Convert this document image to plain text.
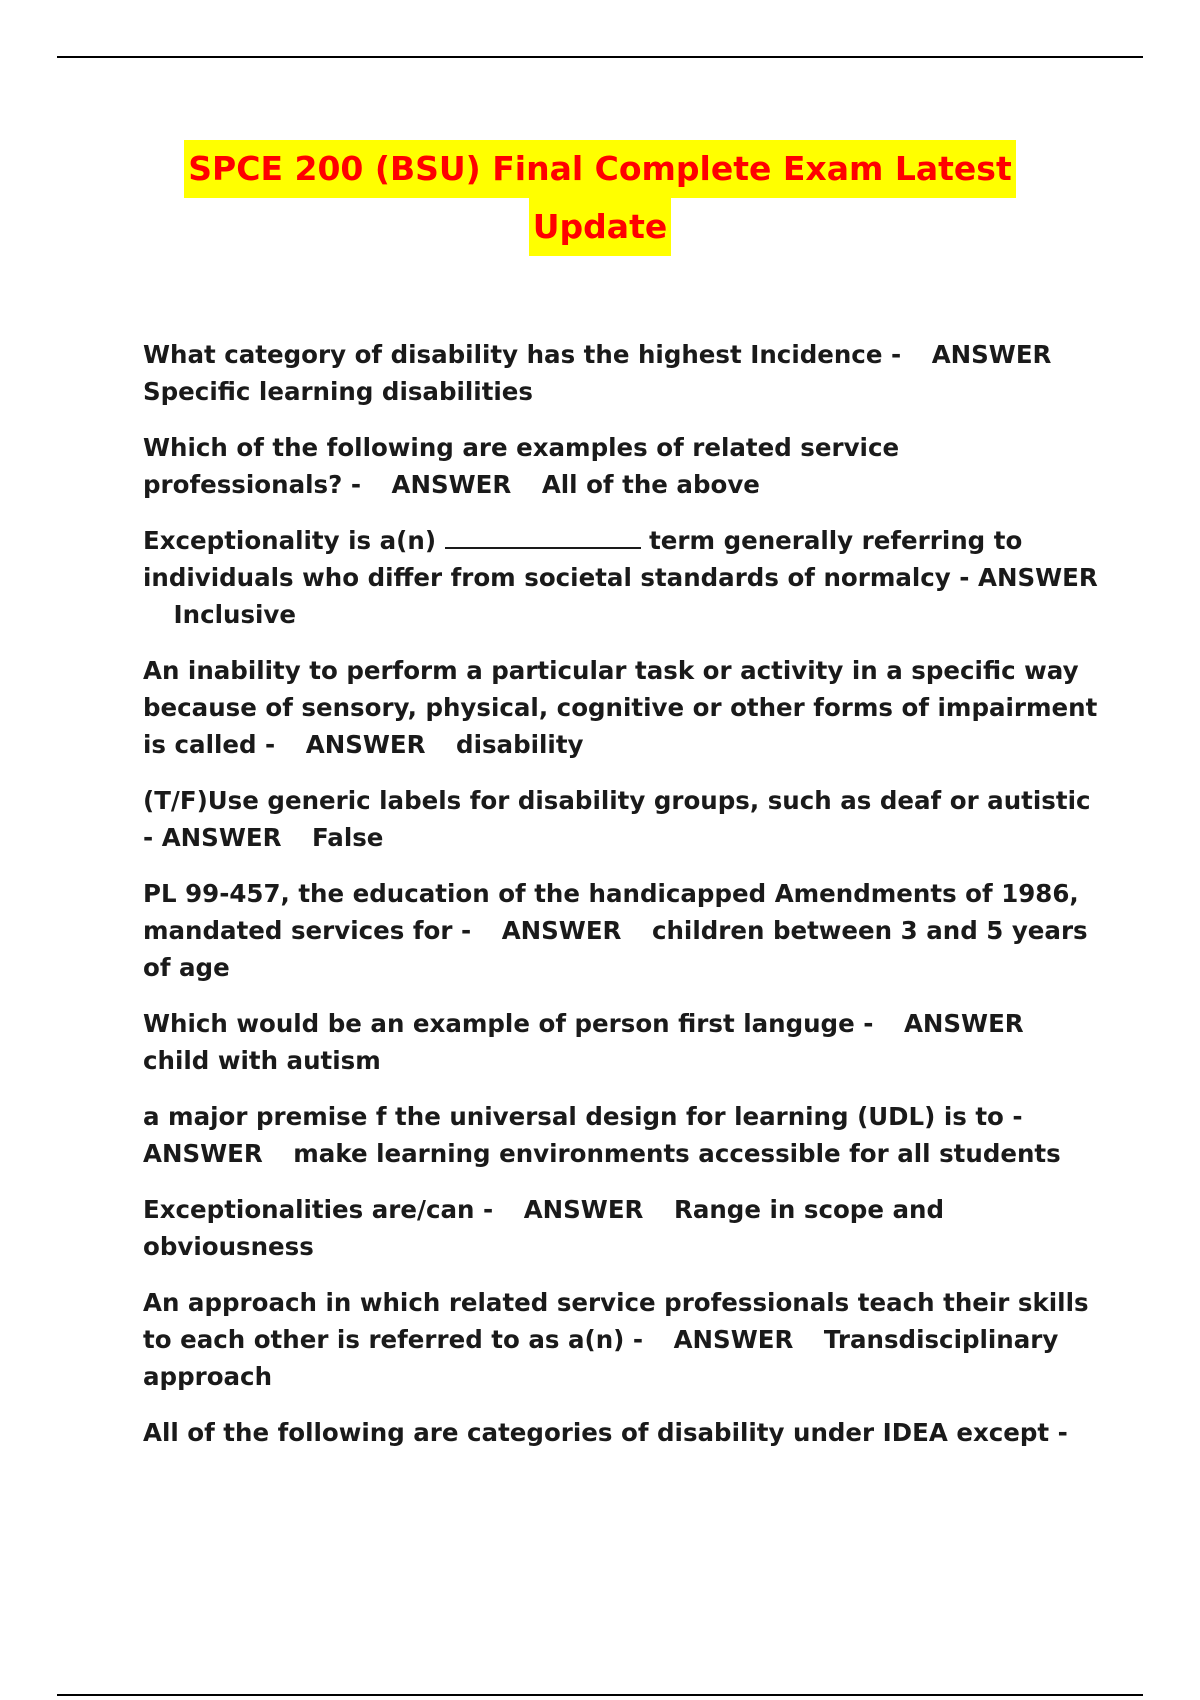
SPCE 200 (BSU) Final Complete Exam Latest
Update

What category of disability has the highest Incidence - ANSWER Specific learning disabilities

Which of the following are examples of related service professionals? - ANSWER All of the above

Exceptionality is a(n)	term generally referring to individuals who differ from societal standards of normalcy - ANSWER Inclusive

An inability to perform a particular task or activity in a specific way because of sensory, physical, cognitive or other forms of impairment is called - ANSWER disability

(T/F)Use generic labels for disability groups, such as deaf or autistic - ANSWER False

PL 99-457, the education of the handicapped Amendments of 1986, mandated services for - ANSWER children between 3 and 5 years of age

Which would be an example of person first languge - ANSWER child with autism

a major premise f the universal design for learning (UDL) is to - ANSWER make learning environments accessible for all students

Exceptionalities are/can - ANSWER Range in scope and obviousness

An approach in which related service professionals teach their skills to each other is referred to as a(n) - ANSWER Transdisciplinary approach

All of the following are categories of disability under IDEA except -
